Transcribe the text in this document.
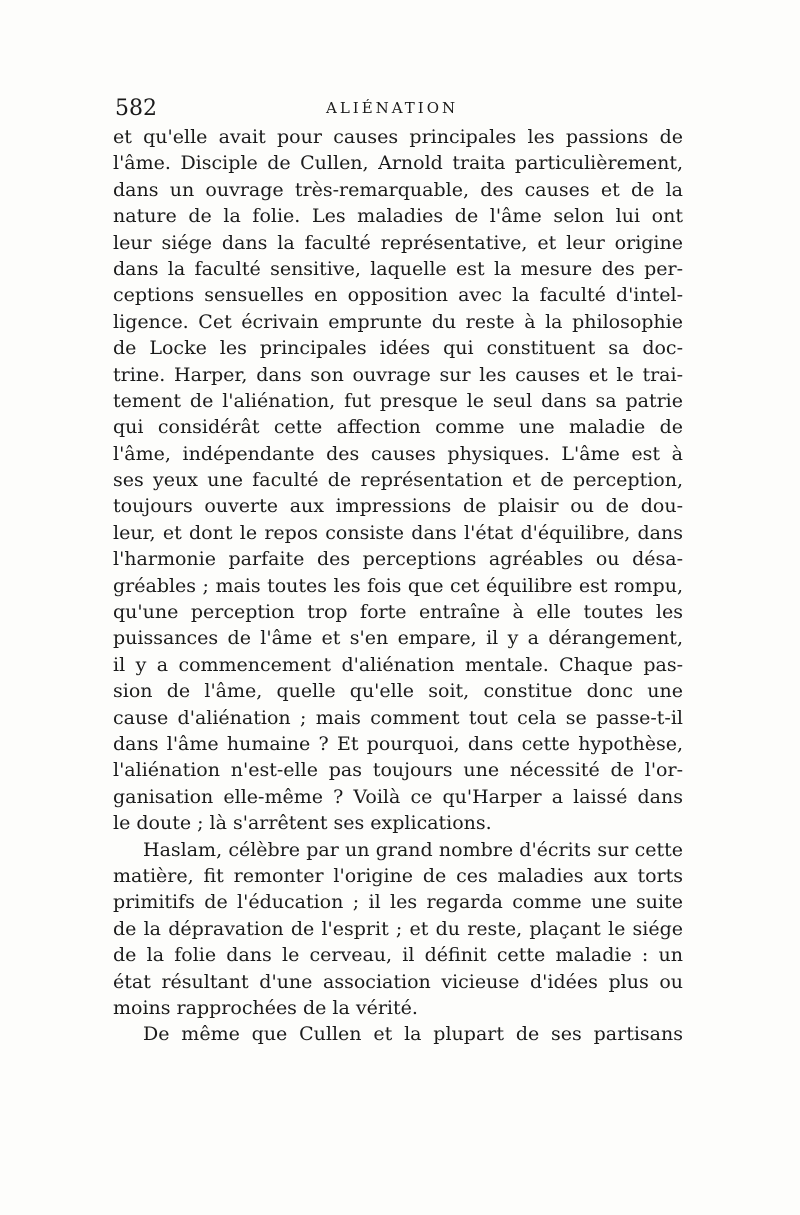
582	ALIÉNATION
et qu'elle avait pour causes principales les passions de
l'âme. Disciple de Cullen, Arnold traita particulièrement,
dans un ouvrage très-remarquable, des causes et de la
nature de la folie. Les maladies de l'âme selon lui ont
leur siége dans la faculté représentative, et leur origine
dans la faculté sensitive, laquelle est la mesure des per-
ceptions sensuelles en opposition avec la faculté d'intel-
ligence. Cet écrivain emprunte du reste à la philosophie
de Locke les principales idées qui constituent sa doc-
trine. Harper, dans son ouvrage sur les causes et le trai-
tement de l'aliénation, fut presque le seul dans sa patrie
qui considérât cette affection comme une maladie de
l'âme, indépendante des causes physiques. L'âme est à
ses yeux une faculté de représentation et de perception,
toujours ouverte aux impressions de plaisir ou de dou-
leur, et dont le repos consiste dans l'état d'équilibre, dans
l'harmonie parfaite des perceptions agréables ou désa-
gréables ; mais toutes les fois que cet équilibre est rompu,
qu'une perception trop forte entraîne à elle toutes les
puissances de l'âme et s'en empare, il y a dérangement,
il y a commencement d'aliénation mentale. Chaque pas-
sion de l'âme, quelle qu'elle soit, constitue donc une
cause d'aliénation ; mais comment tout cela se passe-t-il
dans l'âme humaine ? Et pourquoi, dans cette hypothèse,
l'aliénation n'est-elle pas toujours une nécessité de l'or-
ganisation elle-même ? Voilà ce qu'Harper a laissé dans
le doute ; là s'arrêtent ses explications.
Haslam, célèbre par un grand nombre d'écrits sur cette
matière, fit remonter l'origine de ces maladies aux torts
primitifs de l'éducation ; il les regarda comme une suite
de la dépravation de l'esprit ; et du reste, plaçant le siége
de la folie dans le cerveau, il définit cette maladie : un
état résultant d'une association vicieuse d'idées plus ou
moins rapprochées de la vérité.
De même que Cullen et la plupart de ses partisans
